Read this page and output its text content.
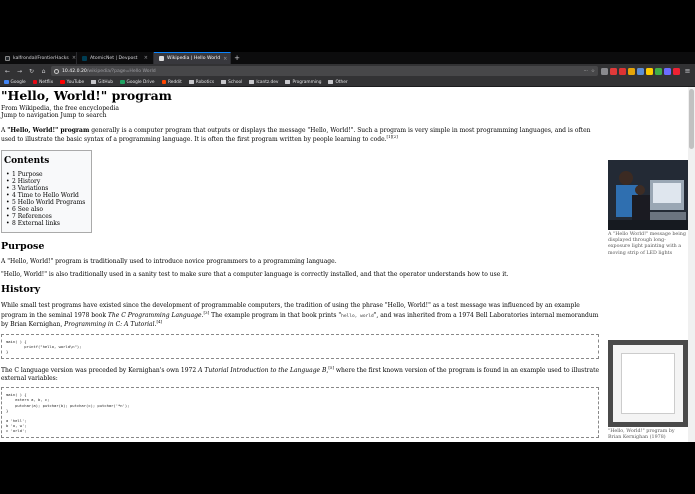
kalfrondal/FrontierHacks ×	AtomicNet | Devpost	×	Wikipedia | Hello World × +
←	→	↻	⌂	10.42.0.20 /wikipedia/?page=Hello World	··· ☆	≡
Google	Netflix	YouTube	GitHub	Google Drive	Reddit	Robotics	School	lcantz.dev	Programming	Other
"Hello, World!" program
From Wikipedia, the free encyclopedia
Jump to navigation Jump to search

A "Hello, World!" program generally is a computer program that outputs or displays the message "Hello, World!". Such a program is very simple in most programming languages, and is often used to illustrate the basic syntax of a programming language. It is often the first program written by people learning to code.[1][2]

Contents
• 1 Purpose
• 2 History
• 3 Variations
• 4 Time to Hello World
• 5 Hello World Programs
• 6 See also
• 7 References
• 8 External links
Purpose

A "Hello, World!" program is traditionally used to introduce novice programmers to a programming language.

"Hello, World!" is also traditionally used in a sanity test to make sure that a computer language is correctly installed, and that the operator understands how to use it.

History

While small test programs have existed since the development of programmable computers, the tradition of using the phrase "Hello, World!" as a test message was influenced by an example program in the seminal 1978 book The C Programming Language.[3] The example program in that book prints "hello, world", and was inherited from a 1974 Bell Laboratories internal memorandum by Brian Kernighan, Programming in C: A Tutorial.[4]

main( ) {
printf("hello, world\n");
}

The C language version was preceded by Kernighan's own 1972 A Tutorial Introduction to the Language B,[5] where the first known version of the program is found in an example used to illustrate external variables:

main( ) {
extern a, b, c;
putchar(a); putchar(b); putchar(c); putchar('*n');
}

a 'hell';
b 'o, w';
c 'orld';

A "Hello World!" message being displayed through long-exposure light painting with a moving strip of LED lights
"Hello, World!" program by Brian Kernighan (1978)
